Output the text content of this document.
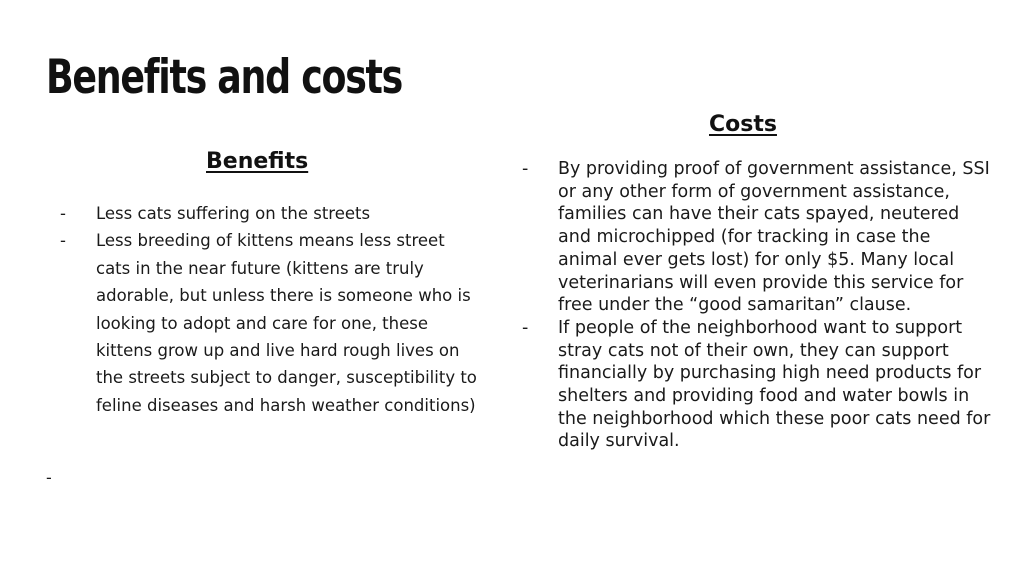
Benefits and costs
Benefits
- Less cats suffering on the streets
- Less breeding of kittens means less street cats in the near future (kittens are truly adorable, but unless there is someone who is looking to adopt and care for one, these kittens grow up and live hard rough lives on the streets subject to danger, susceptibility to feline diseases and harsh weather conditions)
-
Costs
- By providing proof of government assistance, SSI or any other form of government assistance, families can have their cats spayed, neutered and microchipped (for tracking in case the animal ever gets lost) for only $5. Many local veterinarians will even provide this service for free under the “good samaritan” clause.
- If people of the neighborhood want to support stray cats not of their own, they can support financially by purchasing high need products for shelters and providing food and water bowls in the neighborhood which these poor cats need for daily survival.
